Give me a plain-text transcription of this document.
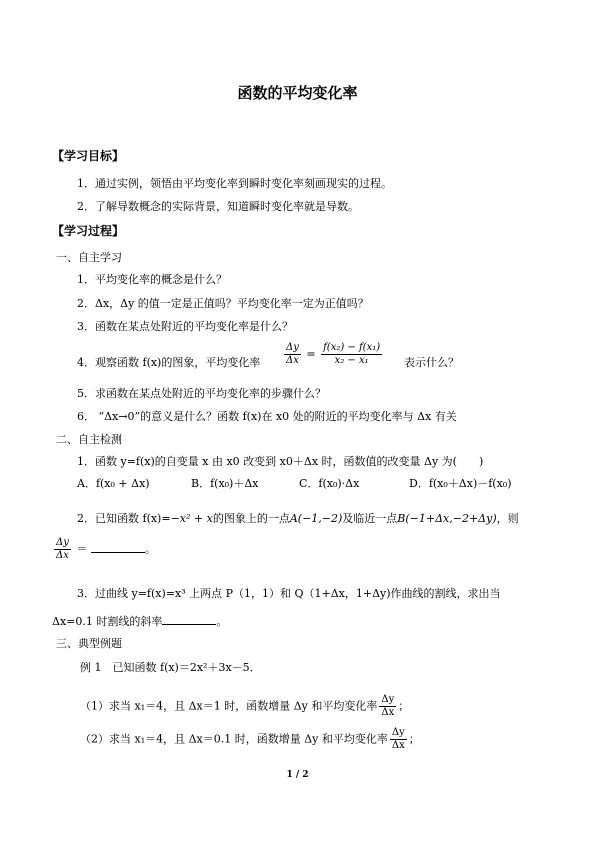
函数的平均变化率
【学习目标】
1．通过实例，领悟由平均变化率到瞬时变化率刻画现实的过程。
2．了解导数概念的实际背景，知道瞬时变化率就是导数。
【学习过程】
一、自主学习
1．平均变化率的概念是什么？
2．Δx，Δy 的值一定是正值吗？平均变化率一定为正值吗？
3．函数在某点处附近的平均变化率是什么？
4．观察函数 f(x)的图象，平均变化率 $\frac{\Delta y}{\Delta x} = \frac{\text{f(x₂) − f(x₁)}}{\text{x₂ − x₁}}$ 表示什么？
5．求函数在某点处附近的平均变化率的步骤什么？
6． “Δx→0”的意义是什么？函数 f(x)在 x0 处的附近的平均变化率与 Δx 有关
二、自主检测
1．函数 y=f(x)的自变量 x 由 x0 改变到 x0＋Δx 时，函数值的改变量 Δy 为(　　)
A．f(x₀ + Δx)	B．f(x₀)＋Δx	C．f(x₀)·Δx	D．f(x₀＋Δx)－f(x₀)
2．已知函数 f(x)=−x² + x的图象上的一点A(−1,−2)及临近一点B(−1+Δx,−2+Δy)，则
$\frac{\Delta y}{\Delta x}$ ＝	。
3．过曲线 y=f(x)=x³ 上两点 P（1，1）和 Q（1+Δx，1+Δy)作曲线的割线，求出当
Δx=0.1 时割线的斜率	。
三、典型例题
例 1　已知函数 f(x)＝2x²＋3x－5．
（1）求当 x₁＝4，且 Δx＝1 时，函数增量 Δy 和平均变化率 $\frac{\Delta y}{\Delta x}$ ；
（2）求当 x₁＝4，且 Δx＝0.1 时，函数增量 Δy 和平均变化率 $\frac{\Delta y}{\Delta x}$ ；
1 / 2
